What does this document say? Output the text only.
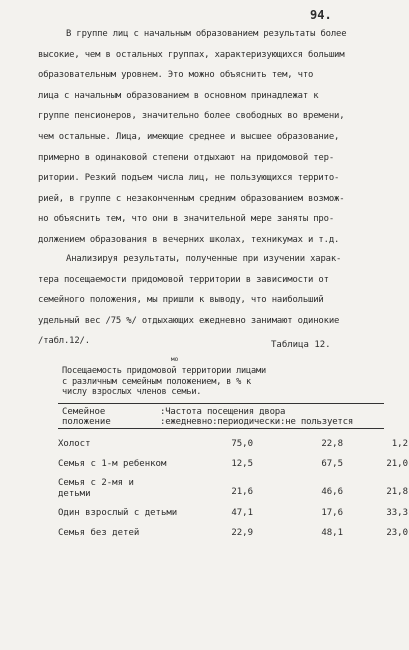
94.
В группе лиц с начальным образованием результаты более
высокие, чем в остальных группах, характеризующихся большим
образовательным уровнем. Это можно объяснить тем, что
лица с начальным образованием в основном принадлежат к
группе пенсионеров, значительно более свободных во времени,
чем остальные. Лица, имеющие среднее и высшее образование,
примерно в одинаковой степени отдыхают на придомовой тер-
ритории. Резкий подъем числа лиц, не пользующихся террито-
рией, в группе с незаконченным средним образованием возмож-
но объяснить тем, что они в значительной мере заняты про-
должением образования в вечерних школах, техникумах и т.д.
Анализируя результаты, полученные при изучении харак-
тера посещаемости придомовой территории в зависимости от
семейного положения, мы пришли к выводу, что наибольший
удельный вес /75 %/ отдыхающих ежедневно занимают одинокие
/табл.12/.	Таблица 12.
мо
Посещаемость придомовой территории лицами
с различным семейным положением, в % к
числу взрослых членов семьи.
Семейное
положение
:Частота посещения двора
:ежедневно:периодически:не пользуется
Холост	75,0	22,8	1,2
Семья с 1-м ребенком	12,5	67,5	21,0
Семья с 2-мя и
детьми	21,6	46,6	21,8
Один взрослый с детьми	47,1	17,6	33,3
Семья без детей	22,9	48,1	23,0
